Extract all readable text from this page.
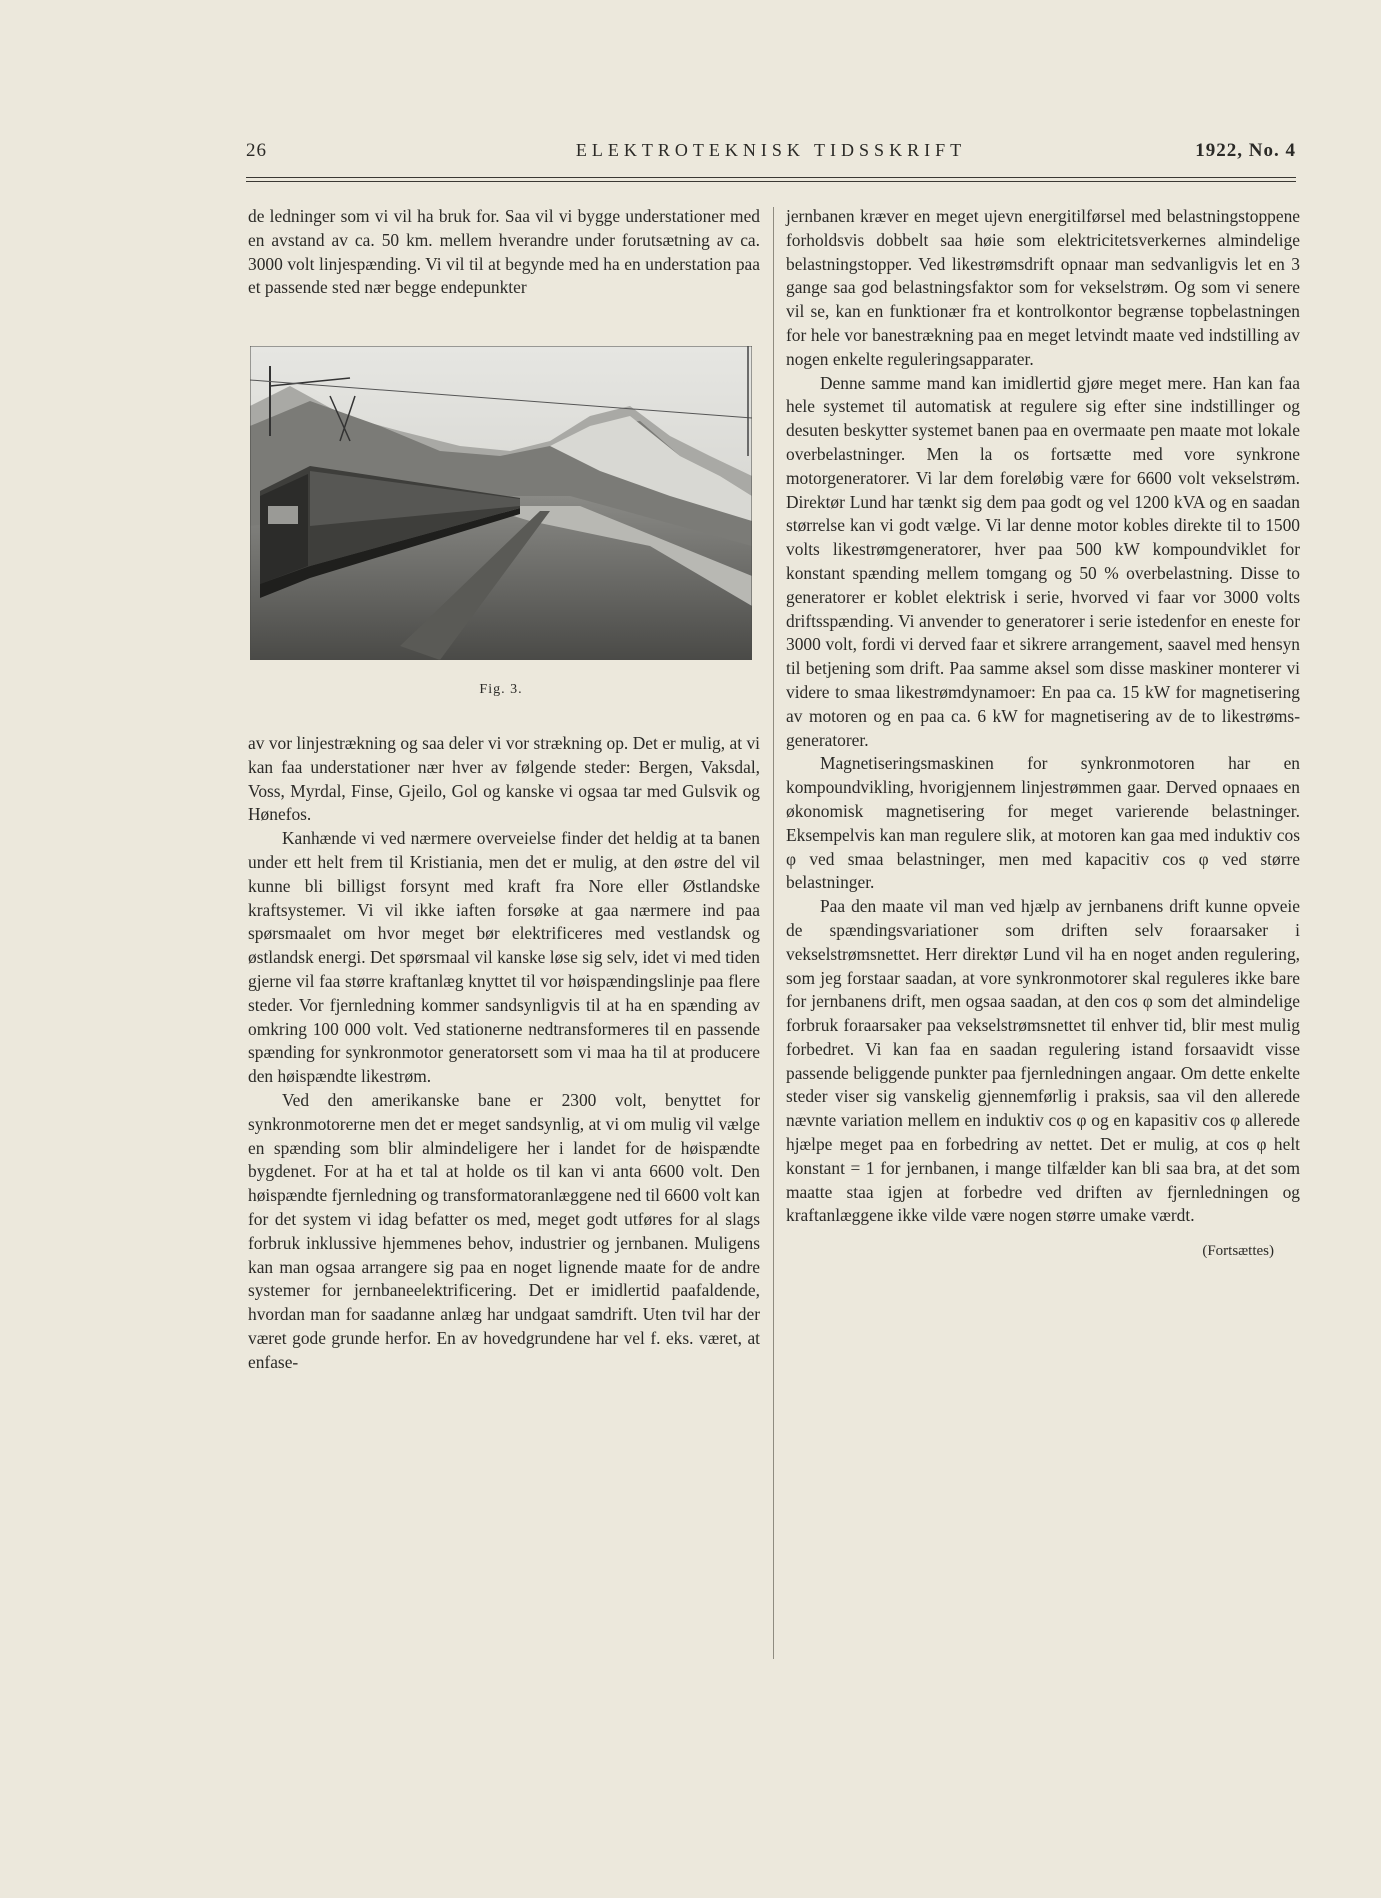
26	ELEKTROTEKNISK TIDSSKRIFT	1922, No. 4

de ledninger som vi vil ha bruk for. Saa vil vi bygge understationer med en avstand av ca. 50 km. mellem hverandre under forutsætning av ca. 3000 volt linjespænding. Vi vil til at begynde med ha en understation paa et passende sted nær begge endepunkter

Fig. 3.

av vor linjestrækning og saa deler vi vor strækning op. Det er mulig, at vi kan faa understationer nær hver av følgende steder: Bergen, Vaksdal, Voss, Myrdal, Finse, Gjeilo, Gol og kanske vi ogsaa tar med Gulsvik og Hønefos.

Kanhænde vi ved nærmere overveielse finder det heldig at ta banen under ett helt frem til Kristiania, men det er mulig, at den østre del vil kunne bli billigst forsynt med kraft fra Nore eller Østlandske kraftsystemer. Vi vil ikke iaften forsøke at gaa nærmere ind paa spørsmaalet om hvor meget bør elektrificeres med vestlandsk og østlandsk energi. Det spørsmaal vil kanske løse sig selv, idet vi med tiden gjerne vil faa større kraftanlæg knyttet til vor høispændingslinje paa flere steder. Vor fjernledning kommer sandsynligvis til at ha en spænding av omkring 100 000 volt. Ved stationerne nedtransformeres til en passende spænding for synkronmotor generatorsett som vi maa ha til at producere den høispændte likestrøm.

Ved den amerikanske bane er 2300 volt, benyttet for synkronmotorerne men det er meget sandsynlig, at vi om mulig vil vælge en spænding som blir almindeligere her i landet for de høispændte bygdenet. For at ha et tal at holde os til kan vi anta 6600 volt. Den høispændte fjernledning og transformatoranlæggene ned til 6600 volt kan for det system vi idag befatter os med, meget godt utføres for al slags forbruk inklussive hjemmenes behov, industrier og jernbanen. Muligens kan man ogsaa arrangere sig paa en noget lignende maate for de andre systemer for jernbaneelektrificering. Det er imidlertid paafaldende, hvordan man for saadanne anlæg har undgaat samdrift. Uten tvil har der været gode grunde herfor. En av hovedgrundene har vel f. eks. været, at enfase-

jernbanen kræver en meget ujevn energitilførsel med belastningstoppene forholdsvis dobbelt saa høie som elektricitetsverkernes almindelige belastningstopper. Ved likestrømsdrift opnaar man sedvanligvis let en 3 gange saa god belastningsfaktor som for vekselstrøm. Og som vi senere vil se, kan en funktionær fra et kontrolkontor begrænse topbelastningen for hele vor banestrækning paa en meget letvindt maate ved indstilling av nogen enkelte reguleringsapparater.

Denne samme mand kan imidlertid gjøre meget mere. Han kan faa hele systemet til automatisk at regulere sig efter sine indstillinger og desuten beskytter systemet banen paa en overmaate pen maate mot lokale overbelastninger. Men la os fortsætte med vore synkrone motorgeneratorer. Vi lar dem foreløbig være for 6600 volt vekselstrøm. Direktør Lund har tænkt sig dem paa godt og vel 1200 kVA og en saadan størrelse kan vi godt vælge. Vi lar denne motor kobles direkte til to 1500 volts likestrømgeneratorer, hver paa 500 kW kompoundviklet for konstant spænding mellem tomgang og 50 % overbelastning. Disse to generatorer er koblet elektrisk i serie, hvorved vi faar vor 3000 volts driftsspænding. Vi anvender to generatorer i serie istedenfor en eneste for 3000 volt, fordi vi derved faar et sikrere arrangement, saavel med hensyn til betjening som drift. Paa samme aksel som disse maskiner monterer vi videre to smaa likestrømdynamoer: En paa ca. 15 kW for magnetisering av motoren og en paa ca. 6 kW for magnetisering av de to likestrøms-generatorer.

Magnetiseringsmaskinen for synkronmotoren har en kompoundvikling, hvorigjennem linjestrømmen gaar. Derved opnaaes en økonomisk magnetisering for meget varierende belastninger. Eksempelvis kan man regulere slik, at motoren kan gaa med induktiv cos φ ved smaa belastninger, men med kapacitiv cos φ ved større belastninger.

Paa den maate vil man ved hjælp av jernbanens drift kunne opveie de spændingsvariationer som driften selv foraarsaker i vekselstrømsnettet. Herr direktør Lund vil ha en noget anden regulering, som jeg forstaar saadan, at vore synkronmotorer skal reguleres ikke bare for jernbanens drift, men ogsaa saadan, at den cos φ som det almindelige forbruk foraarsaker paa vekselstrømsnettet til enhver tid, blir mest mulig forbedret. Vi kan faa en saadan regulering istand forsaavidt visse passende beliggende punkter paa fjernledningen angaar. Om dette enkelte steder viser sig vanskelig gjennemførlig i praksis, saa vil den allerede nævnte variation mellem en induktiv cos φ og en kapasitiv cos φ allerede hjælpe meget paa en forbedring av nettet. Det er mulig, at cos φ helt konstant = 1 for jernbanen, i mange tilfælder kan bli saa bra, at det som maatte staa igjen at forbedre ved driften av fjernledningen og kraftanlæggene ikke vilde være nogen større umake værdt.

(Fortsættes)
